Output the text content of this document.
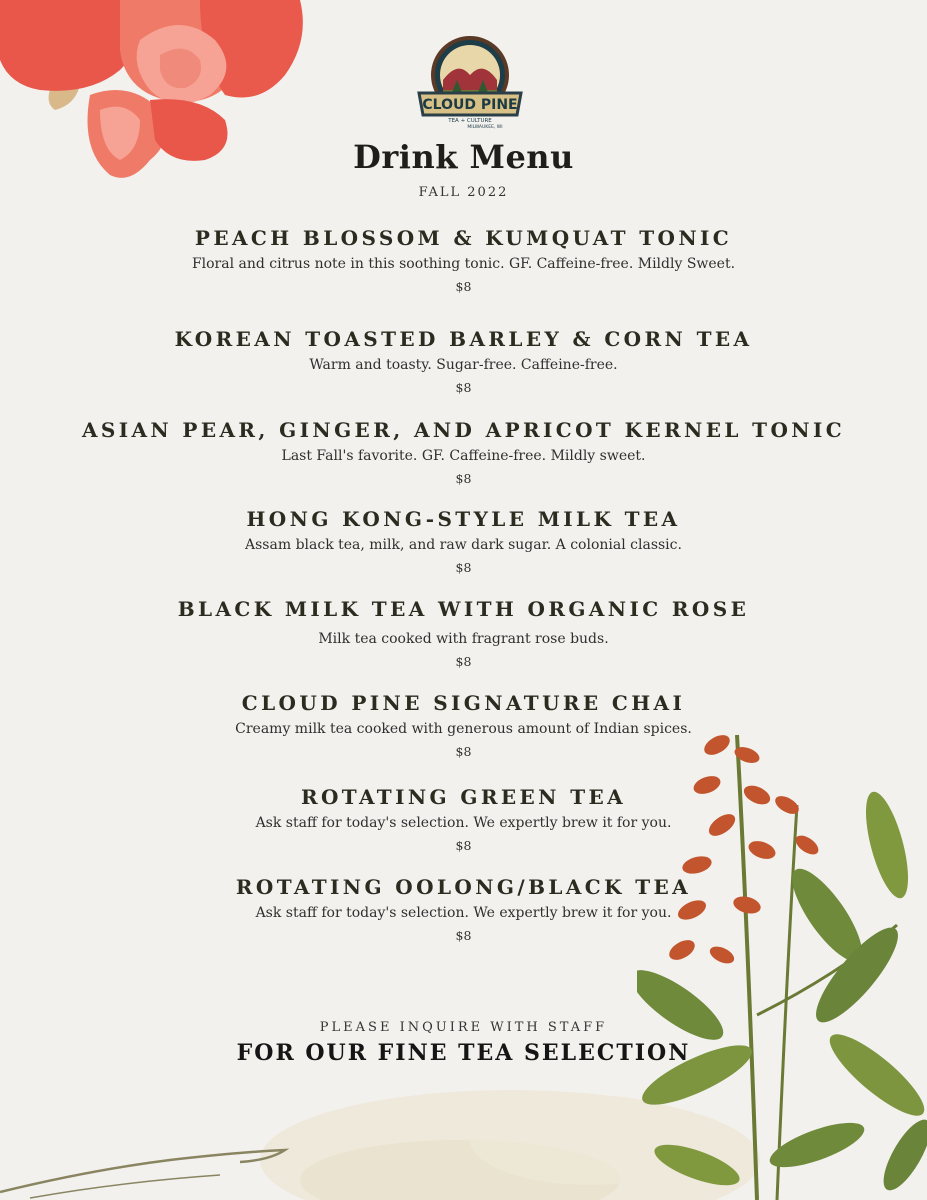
CLOUD PINE
TEA + CULTURE
MILWAUKEE, WI
Drink Menu
FALL 2022
PEACH BLOSSOM & KUMQUAT TONIC
Floral and citrus note in this soothing tonic. GF. Caffeine-free. Mildly Sweet.
$8
KOREAN TOASTED BARLEY & CORN TEA
Warm and toasty. Sugar-free. Caffeine-free.
$8
ASIAN PEAR, GINGER, AND APRICOT KERNEL TONIC
Last Fall's favorite. GF. Caffeine-free. Mildly sweet.
$8
HONG KONG-STYLE MILK TEA
Assam black tea, milk, and raw dark sugar. A colonial classic.
$8
BLACK MILK TEA WITH ORGANIC ROSE
Milk tea cooked with fragrant rose buds.
$8
CLOUD PINE SIGNATURE CHAI
Creamy milk tea cooked with generous amount of Indian spices.
$8
ROTATING GREEN TEA
Ask staff for today's selection. We expertly brew it for you.
$8
ROTATING OOLONG/BLACK TEA
Ask staff for today's selection. We expertly brew it for you.
$8
PLEASE INQUIRE WITH STAFF
FOR OUR FINE TEA SELECTION
